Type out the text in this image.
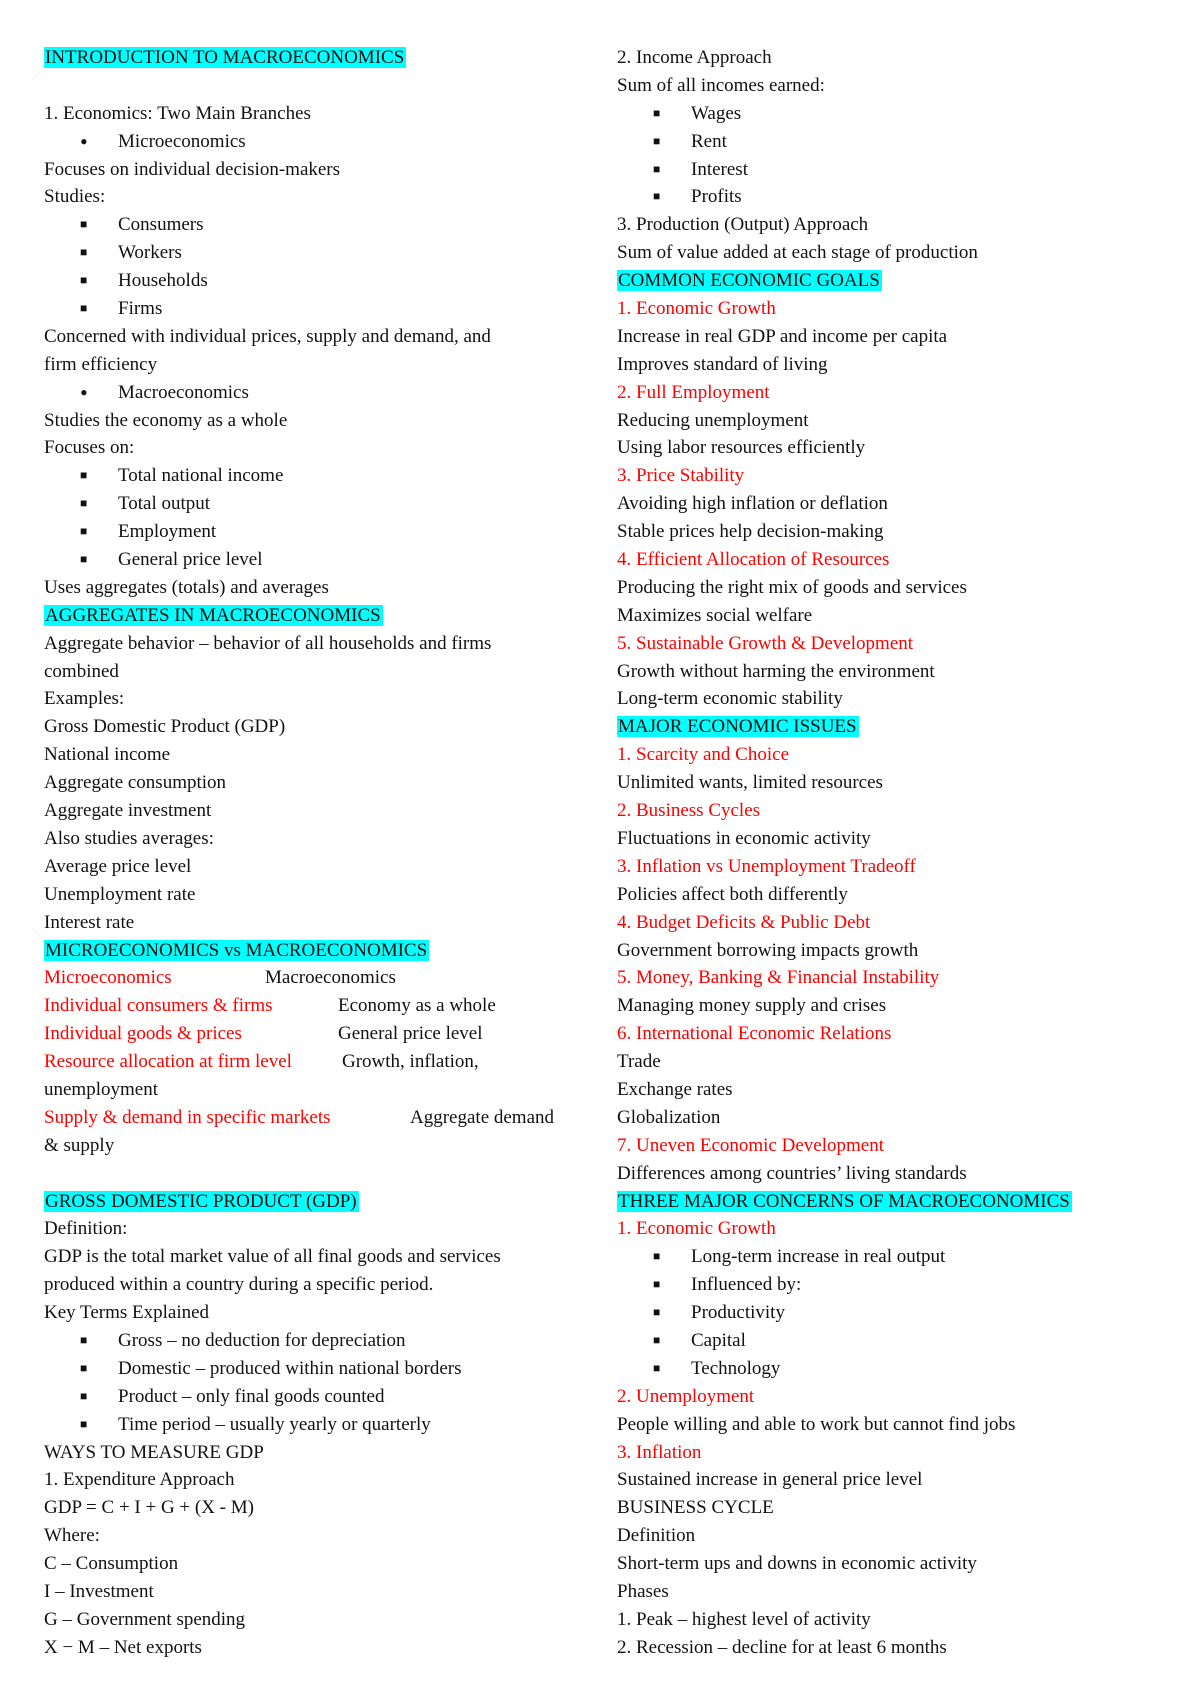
INTRODUCTION TO MACROECONOMICS
1. Economics: Two Main Branches
• Microeconomics
Focuses on individual decision-makers
Studies:
■ Consumers
■ Workers
■ Households
■ Firms
Concerned with individual prices, supply and demand, and
firm efficiency
• Macroeconomics
Studies the economy as a whole
Focuses on:
■ Total national income
■ Total output
■ Employment
■ General price level
Uses aggregates (totals) and averages
AGGREGATES IN MACROECONOMICS
Aggregate behavior – behavior of all households and firms
combined
Examples:
Gross Domestic Product (GDP)
National income
Aggregate consumption
Aggregate investment
Also studies averages:
Average price level
Unemployment rate
Interest rate
MICROECONOMICS vs MACROECONOMICS
Microeconomics	Macroeconomics
Individual consumers & firms	Economy as a whole
Individual goods & prices	General price level
Resource allocation at firm level	Growth, inflation,
unemployment
Supply & demand in specific markets	Aggregate demand
& supply
GROSS DOMESTIC PRODUCT (GDP)
Definition:
GDP is the total market value of all final goods and services
produced within a country during a specific period.
Key Terms Explained
■ Gross – no deduction for depreciation
■ Domestic – produced within national borders
■ Product – only final goods counted
■ Time period – usually yearly or quarterly
WAYS TO MEASURE GDP
1. Expenditure Approach
GDP = C + I + G + (X - M)
Where:
C – Consumption
I – Investment
G – Government spending
X − M – Net exports
2. Income Approach
Sum of all incomes earned:
■ Wages
■ Rent
■ Interest
■ Profits
3. Production (Output) Approach
Sum of value added at each stage of production
COMMON ECONOMIC GOALS
1. Economic Growth
Increase in real GDP and income per capita
Improves standard of living
2. Full Employment
Reducing unemployment
Using labor resources efficiently
3. Price Stability
Avoiding high inflation or deflation
Stable prices help decision-making
4. Efficient Allocation of Resources
Producing the right mix of goods and services
Maximizes social welfare
5. Sustainable Growth & Development
Growth without harming the environment
Long-term economic stability
MAJOR ECONOMIC ISSUES
1. Scarcity and Choice
Unlimited wants, limited resources
2. Business Cycles
Fluctuations in economic activity
3. Inflation vs Unemployment Tradeoff
Policies affect both differently
4. Budget Deficits & Public Debt
Government borrowing impacts growth
5. Money, Banking & Financial Instability
Managing money supply and crises
6. International Economic Relations
Trade
Exchange rates
Globalization
7. Uneven Economic Development
Differences among countries’ living standards
THREE MAJOR CONCERNS OF MACROECONOMICS
1. Economic Growth
■ Long-term increase in real output
■ Influenced by:
■ Productivity
■ Capital
■ Technology
2. Unemployment
People willing and able to work but cannot find jobs
3. Inflation
Sustained increase in general price level
BUSINESS CYCLE
Definition
Short-term ups and downs in economic activity
Phases
1. Peak – highest level of activity
2. Recession – decline for at least 6 months
